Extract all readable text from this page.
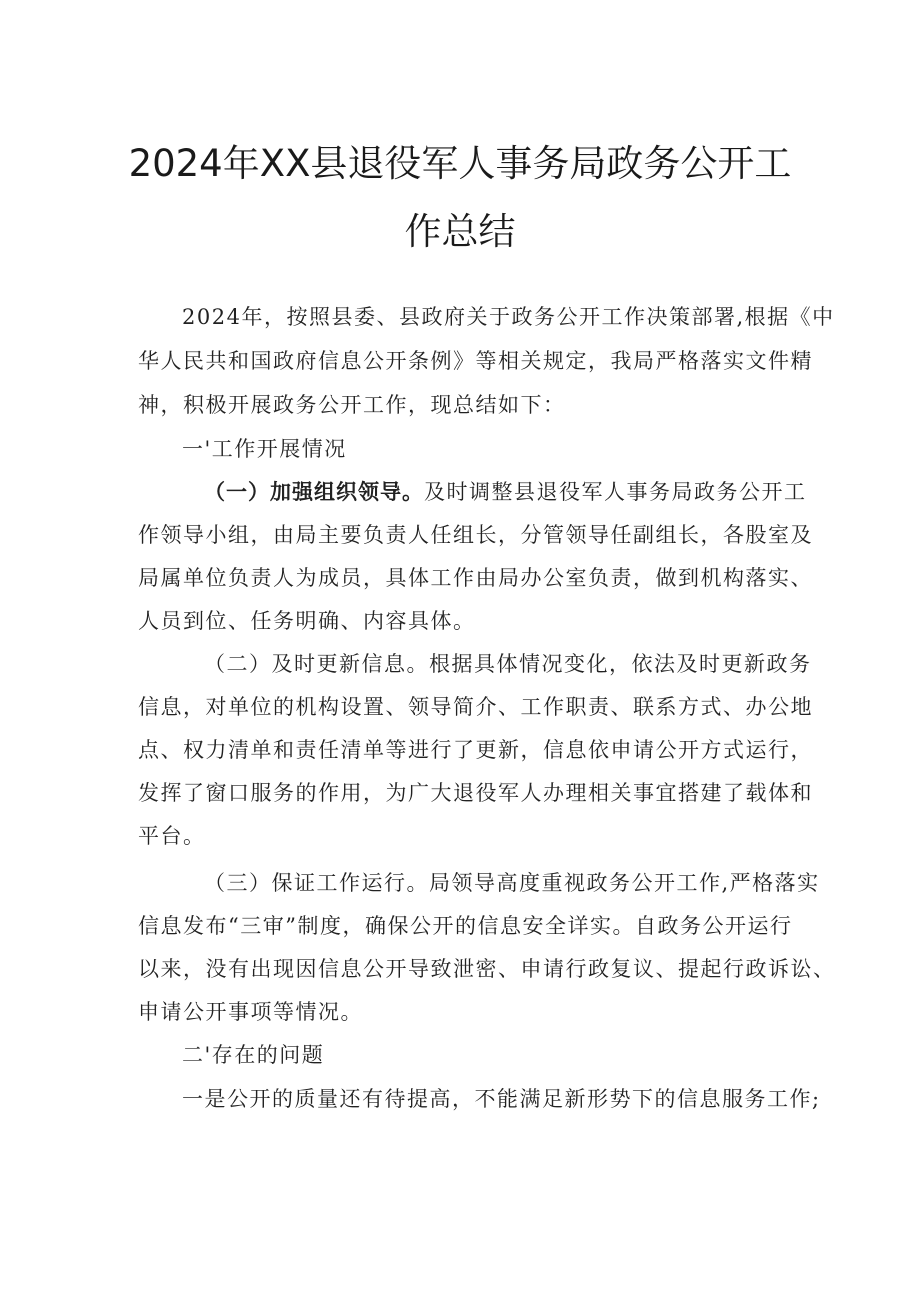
2024年XX县退役军人事务局政务公开工
作总结
2024年，按照县委、县政府关于政务公开工作决策部署,根据《中
华人民共和国政府信息公开条例》等相关规定，我局严格落实文件精
神，积极开展政务公开工作，现总结如下：
一'工作开展情况
（一）加强组织领导。及时调整县退役军人事务局政务公开工
作领导小组，由局主要负责人任组长，分管领导任副组长，各股室及
局属单位负责人为成员，具体工作由局办公室负责，做到机构落实、
人员到位、任务明确、内容具体。
（二）及时更新信息。根据具体情况变化，依法及时更新政务
信息，对单位的机构设置、领导简介、工作职责、联系方式、办公地
点、权力清单和责任清单等进行了更新，信息依申请公开方式运行，
发挥了窗口服务的作用，为广大退役军人办理相关事宜搭建了载体和
平台。
（三）保证工作运行。局领导高度重视政务公开工作,严格落实
信息发布“三审”制度，确保公开的信息安全详实。自政务公开运行
以来，没有出现因信息公开导致泄密、申请行政复议、提起行政诉讼、
申请公开事项等情况。
二'存在的问题
一是公开的质量还有待提高，不能满足新形势下的信息服务工作;
